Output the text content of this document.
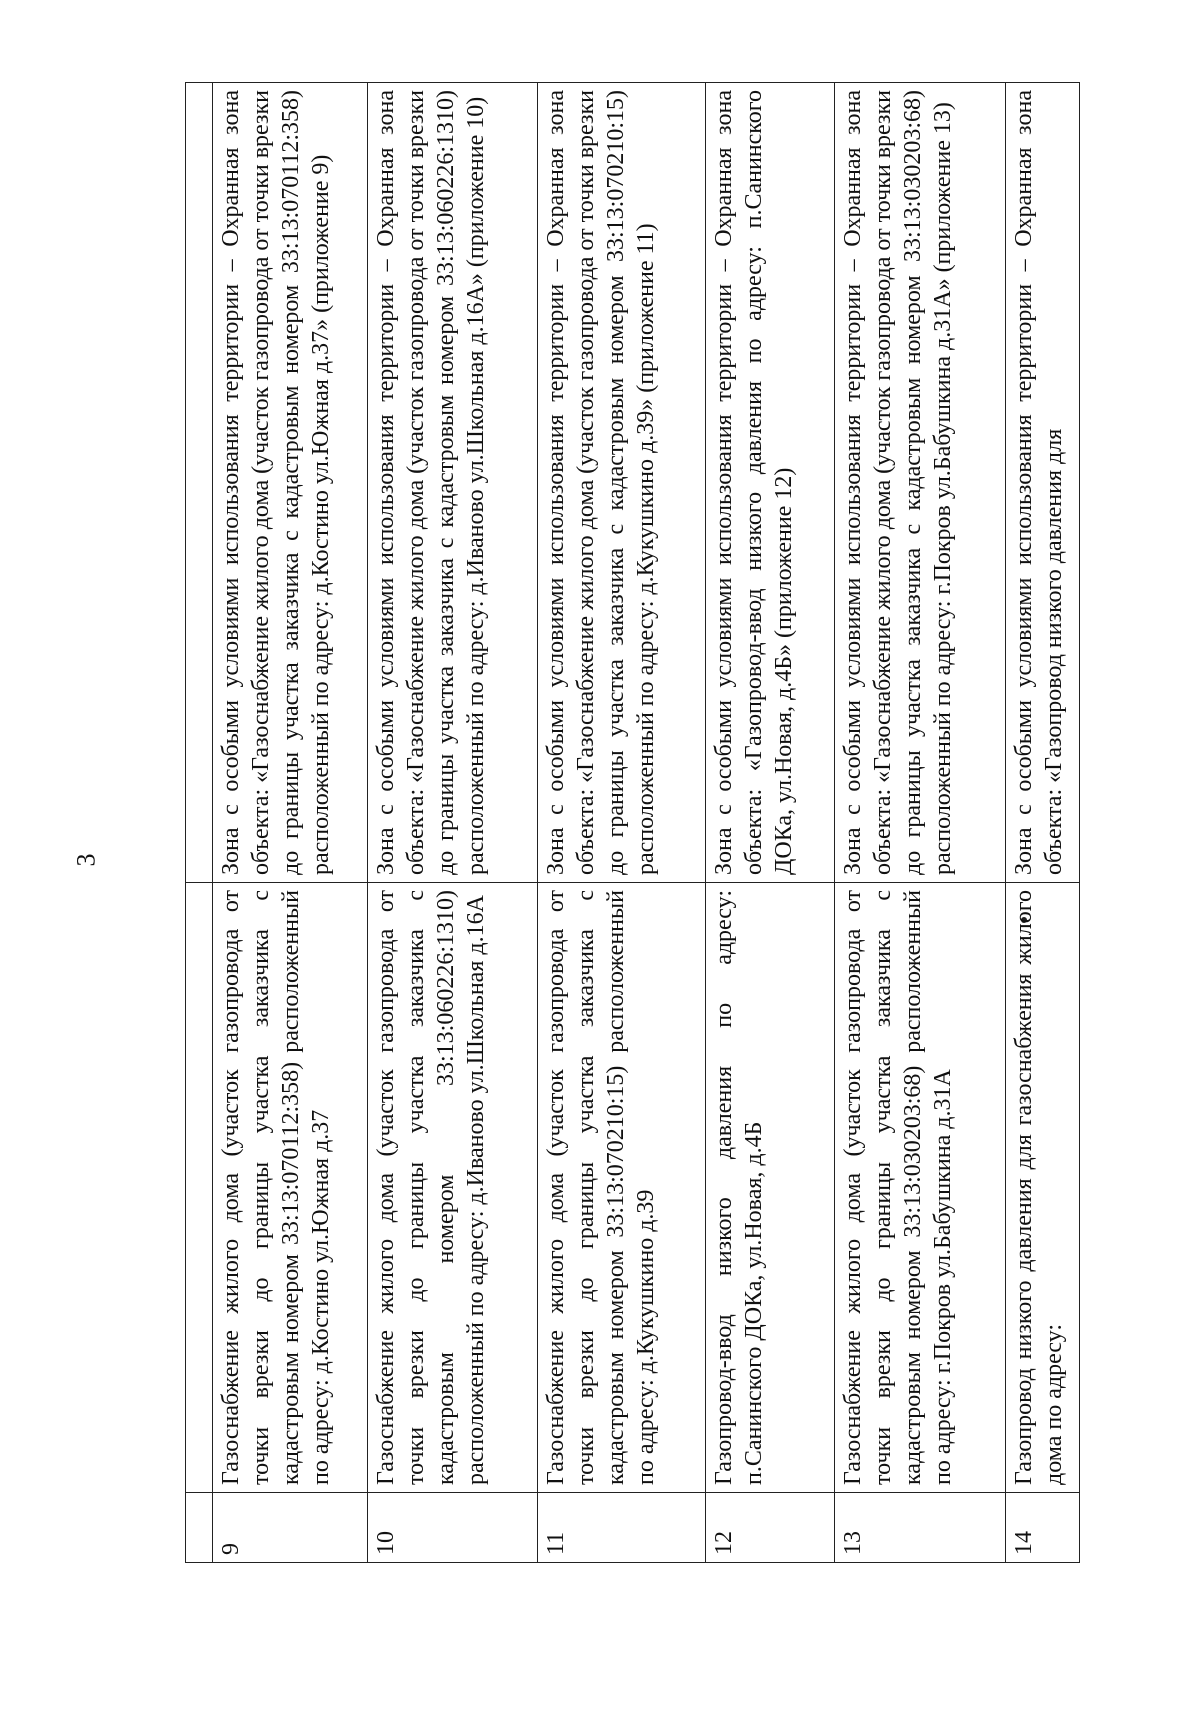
3

9	Газоснабжение жилого дома (участок газопровода от точки врезки до границы участка заказчика с кадастровым номером 33:13:070112:358) расположенный по адресу: д.Костино ул.Южная д.37	Зона с особыми условиями использования территории – Охранная зона объекта: «Газоснабжение жилого дома (участок газопровода от точки врезки до границы участка заказчика с кадастровым номером 33:13:070112:358) расположенный по адресу: д.Костино ул.Южная д.37» (приложение 9)

10	Газоснабжение жилого дома (участок газопровода от точки врезки до границы участка заказчика с кадастровым номером 33:13:060226:1310) расположенный по адресу: д.Иваново ул.Школьная д.16А	Зона с особыми условиями использования территории – Охранная зона объекта: «Газоснабжение жилого дома (участок газопровода от точки врезки до границы участка заказчика с кадастровым номером 33:13:060226:1310) расположенный по адресу: д.Иваново ул.Школьная д.16А» (приложение 10)

11	Газоснабжение жилого дома (участок газопровода от точки врезки до границы участка заказчика с кадастровым номером 33:13:070210:15) расположенный по адресу: д.Кукушкино д.39	Зона с особыми условиями использования территории – Охранная зона объекта: «Газоснабжение жилого дома (участок газопровода от точки врезки до границы участка заказчика с кадастровым номером 33:13:070210:15) расположенный по адресу: д.Кукушкино д.39» (приложение 11)

12	Газопровод-ввод низкого давления по адресу: п.Санинского ДОКа, ул.Новая, д.4Б	Зона с особыми условиями использования территории – Охранная зона объекта: «Газопровод-ввод низкого давления по адресу: п.Санинского ДОКа, ул.Новая, д.4Б» (приложение 12)

13	Газоснабжение жилого дома (участок газопровода от точки врезки до границы участка заказчика с кадастровым номером 33:13:030203:68) расположенный по адресу: г.Покров ул.Бабушкина д.31А	Зона с особыми условиями использования территории – Охранная зона объекта: «Газоснабжение жилого дома (участок газопровода от точки врезки до границы участка заказчика с кадастровым номером 33:13:030203:68) расположенный по адресу: г.Покров ул.Бабушкина д.31А» (приложение 13)

14	Газопровод низкого давления для газоснабжения жилого дома по адресу:	Зона с особыми условиями использования территории – Охранная зона объекта: «Газопровод низкого давления для
